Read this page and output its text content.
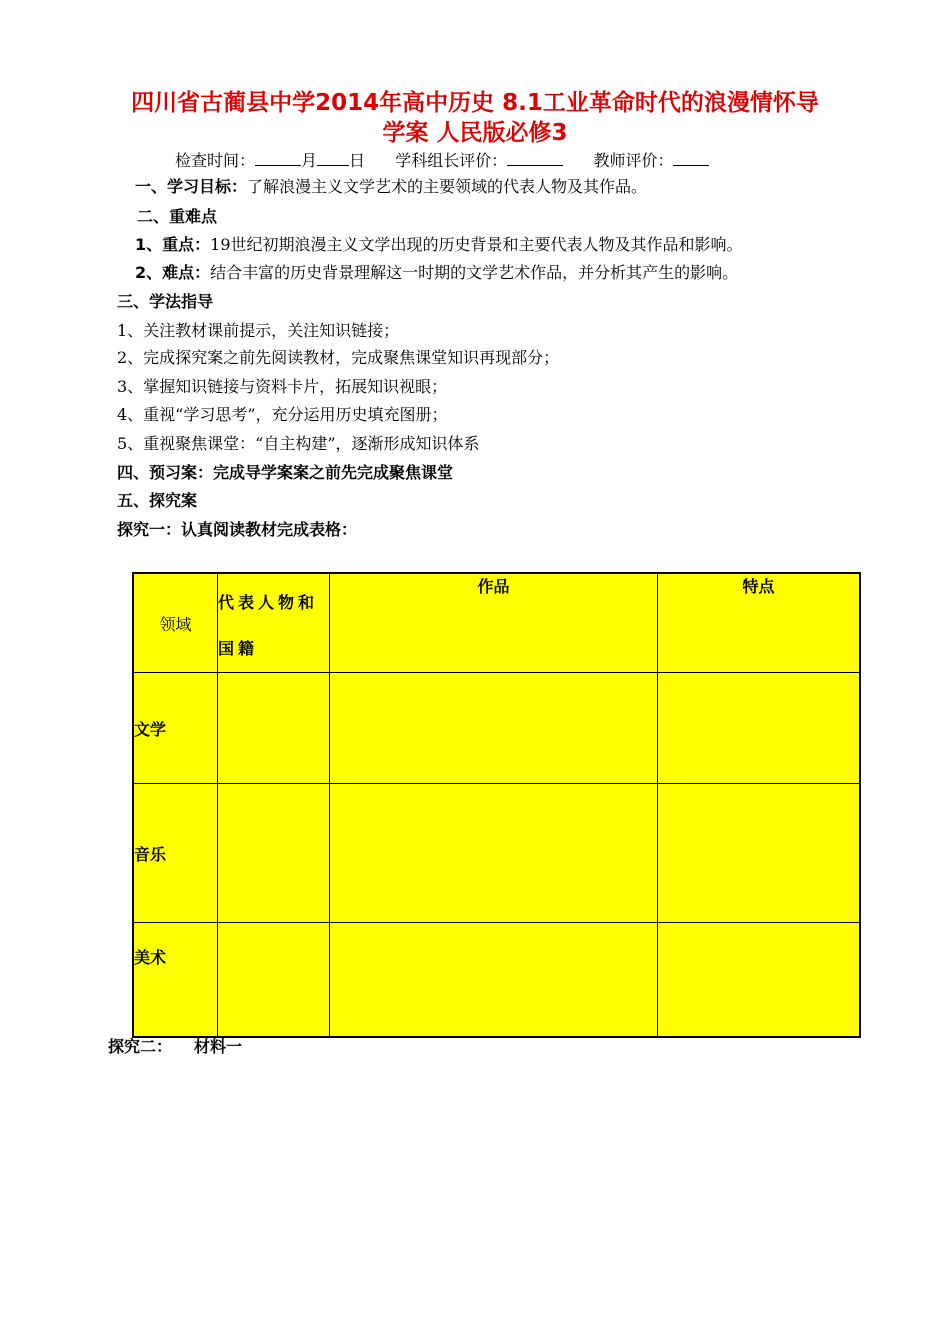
四川省古蔺县中学2014年高中历史 8.1工业革命时代的浪漫情怀导
学案 人民版必修3
检查时间：	月 日 学科组长评价：	教师评价：
一、学习目标：了解浪漫主义文学艺术的主要领域的代表人物及其作品。
二、重难点
1、重点：19世纪初期浪漫主义文学出现的历史背景和主要代表人物及其作品和影响。
2、难点：结合丰富的历史背景理解这一时期的文学艺术作品，并分析其产生的影响。
三、学法指导
1、关注教材课前提示，关注知识链接；
2、完成探究案之前先阅读教材，完成聚焦课堂知识再现部分；
3、掌握知识链接与资料卡片，拓展知识视眼；
4、重视“学习思考”，充分运用历史填充图册；
5、重视聚焦课堂：“自主构建”，逐渐形成知识体系
四、预习案：完成导学案案之前先完成聚焦课堂
五、探究案
探究一：认真阅读教材完成表格：
领域	代表人物和国籍	作品	特点
文学			
音乐			
美术			
探究二： 材料一
